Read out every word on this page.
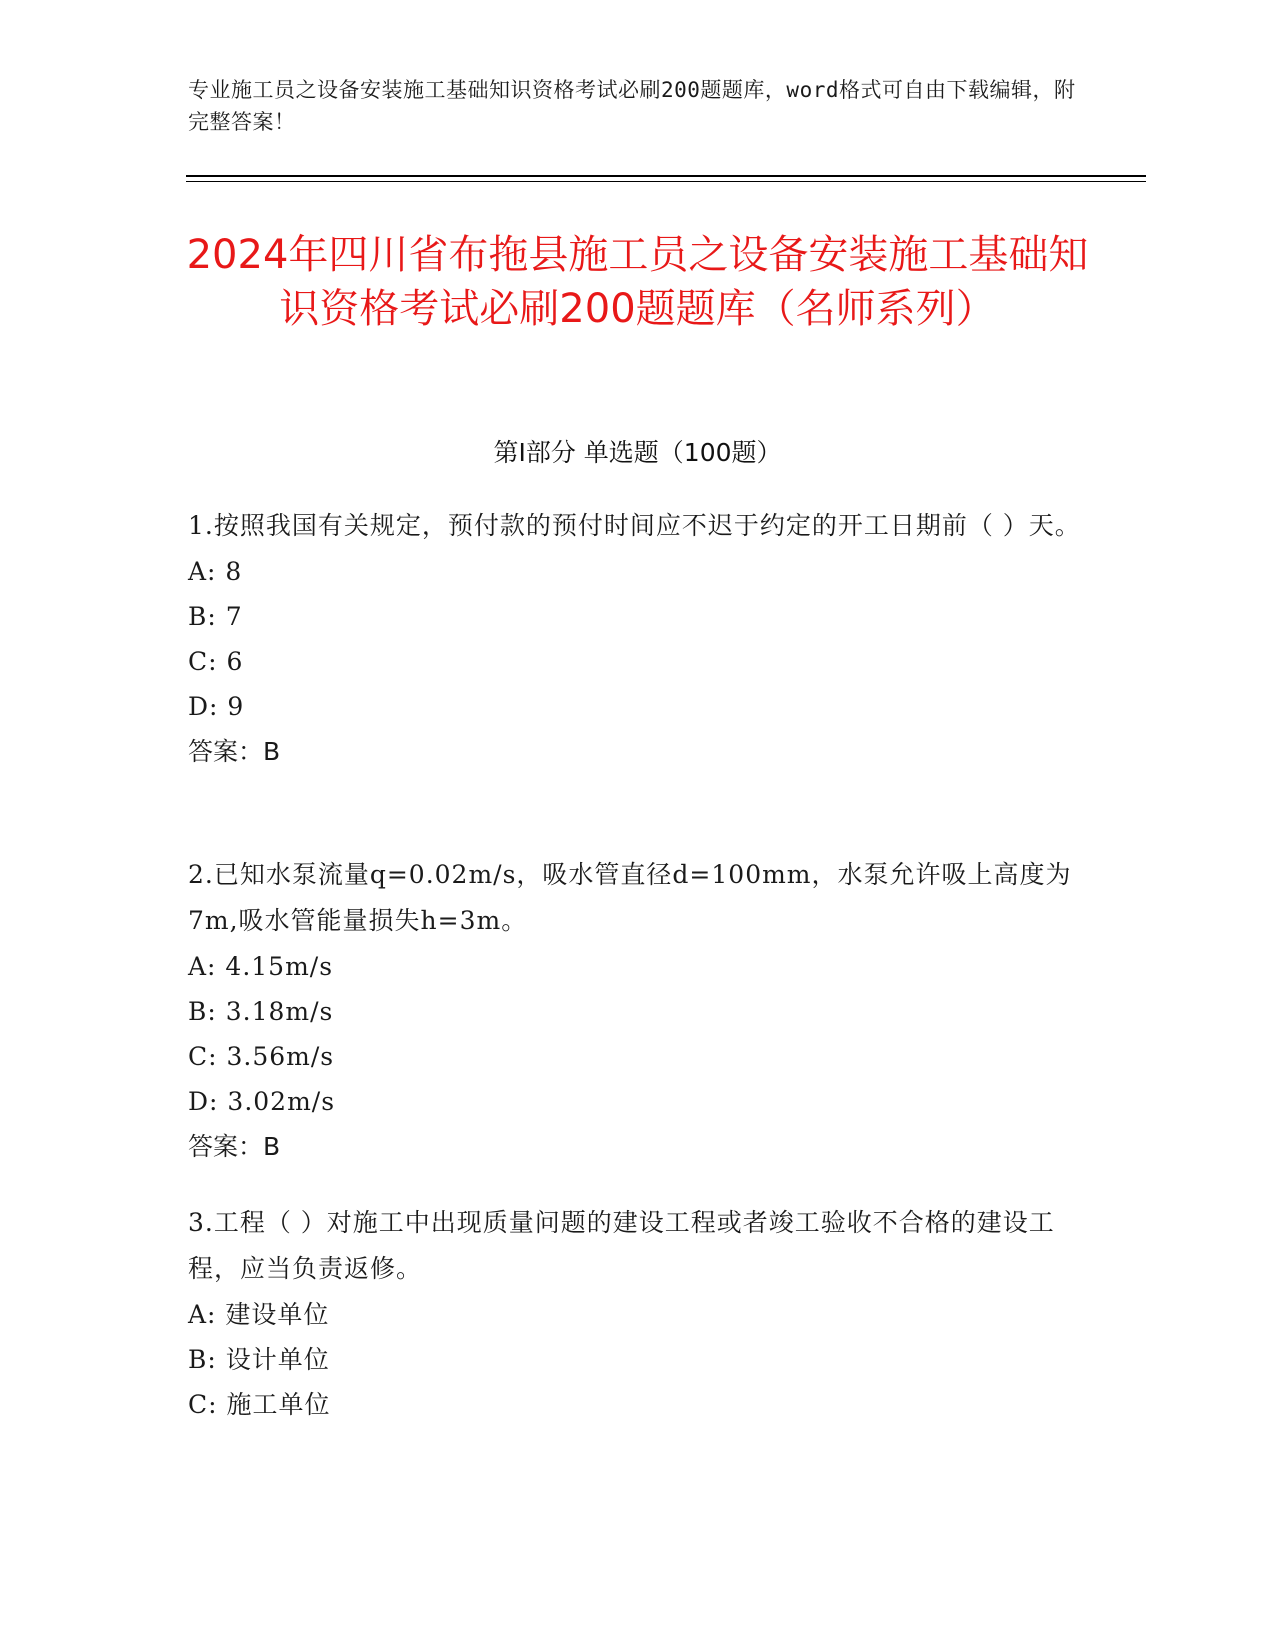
专业施工员之设备安装施工基础知识资格考试必刷200题题库，word格式可自由下载编辑，附完整答案！
2024年四川省布拖县施工员之设备安装施工基础知识资格考试必刷200题题库（名师系列）
第I部分 单选题（100题）
1.按照我国有关规定，预付款的预付时间应不迟于约定的开工日期前（ ）天。
A: 8
B: 7
C: 6
D: 9
答案：B
2.已知水泵流量q=0.02m/s，吸水管直径d=100mm，水泵允许吸上高度为7m,吸水管能量损失h=3m。
A: 4.15m/s
B: 3.18m/s
C: 3.56m/s
D: 3.02m/s
答案：B
3.工程（ ）对施工中出现质量问题的建设工程或者竣工验收不合格的建设工程，应当负责返修。
A: 建设单位
B: 设计单位
C: 施工单位
